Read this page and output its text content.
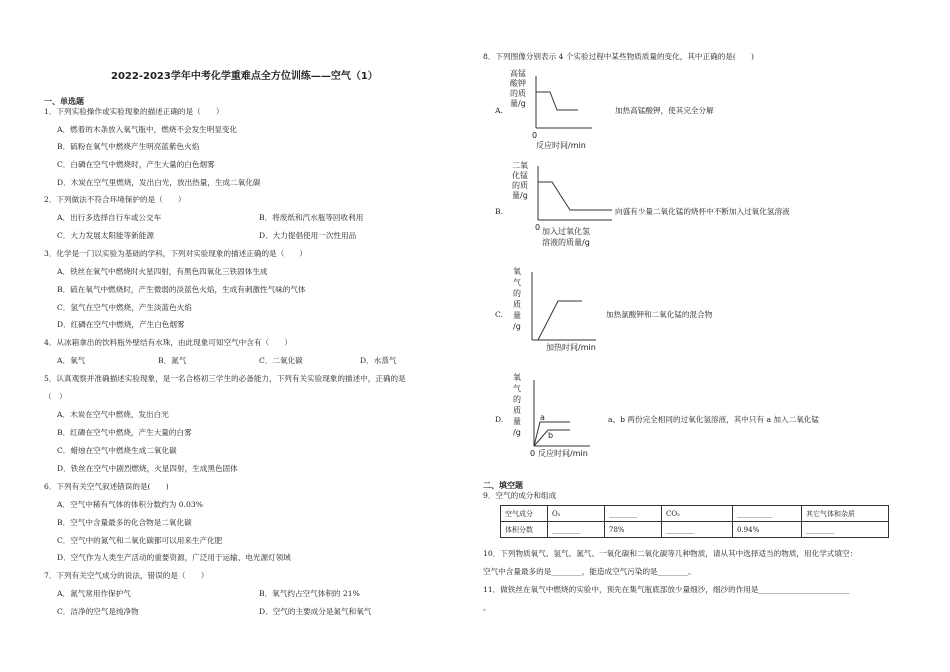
2022-2023学年中考化学重难点全方位训练——空气（1）
一、单选题
1．下列实验操作或实验现象的描述正确的是（　　）
A．燃着的木条放入氧气瓶中，燃烧不会发生明显变化
B．硫粉在氧气中燃烧产生明亮蓝紫色火焰
C．白磷在空气中燃烧时，产生大量的白色烟雾
D．木炭在空气里燃烧，发出白光，放出热量，生成二氧化碳
2．下列做法不符合环境保护的是（　　）
A．出行多选择自行车或公交车	B．将废纸和汽水瓶等回收利用
C．大力发展太阳能等新能源	D．大力提倡使用一次性用品
3．化学是一门以实验为基础的学科，下列对实验现象的描述正确的是（　　）
A．铁丝在氧气中燃烧时火星四射，有黑色四氧化三铁固体生成
B．硫在氧气中燃烧时，产生微弱的淡蓝色火焰，生成有刺激性气味的气体
C．氢气在空气中燃烧，产生淡蓝色火焰
D．红磷在空气中燃烧，产生白色烟雾
4．从冰箱拿出的饮料瓶外壁结有水珠，由此现象可知空气中含有（　　）
A．氧气	B．氮气	C．二氧化碳	D．水蒸气
5．认真观察并准确描述实验现象，是一名合格初三学生的必备能力，下列有关实验现象的描述中，正确的是
（　）
A．木炭在空气中燃烧，发出白光
B．红磷在空气中燃烧，产生大量的白雾
C．蜡烛在空气中燃烧生成二氧化碳
D．铁丝在空气中剧烈燃烧，火星四射，生成黑色固体
6．下列有关空气叙述错误的是(　　)
A．空气中稀有气体的体积分数约为 0.03%
B．空气中含量最多的化合物是二氧化碳
C．空气中的氮气和二氧化碳都可以用来生产化肥
D．空气作为人类生产活动的重要资源，广泛用于运输、电光源灯领域
7．下列有关空气成分的说法，错误的是（　　）
A．氮气常用作保护气	B．氧气约占空气体积的 21%
C．洁净的空气是纯净物	D．空气的主要成分是氮气和氧气
8．下列图像分别表示 4 个实验过程中某些物质质量的变化，其中正确的是(　　)
A.
高锰
酸钾
的质
量/g
0
反应时间/min
加热高锰酸钾，使其完全分解
B.
二氧
化锰
的质
量/g
0 加入过氧化氢
溶液的质量/g
向盛有少量二氧化锰的烧杯中不断加入过氧化氢溶液
C.
氧
气
的
质
量
/g
加热时间/min
加热氯酸钾和二氧化锰的混合物
D.
氧
气
的
质
量
/g
a
b
0 反应时间/min
a、b 两份完全相同的过氧化氢溶液，其中只有 a 加入二氧化锰
二、填空题
9．空气的成分和组成
空气成分	O₂	________	CO₂	__________	其它气体和杂质
体积分数	________	78%	________	0.94%	________
10．下列物质氧气、氢气、氮气、一氧化碳和二氧化碳等几种物质，请从其中选择适当的物质，用化学式填空：
空气中含量最多的是________，能造成空气污染的是________。
11．做铁丝在氧气中燃烧的实验中，预先在集气瓶底部放少量细沙，细沙的作用是________________________
。
